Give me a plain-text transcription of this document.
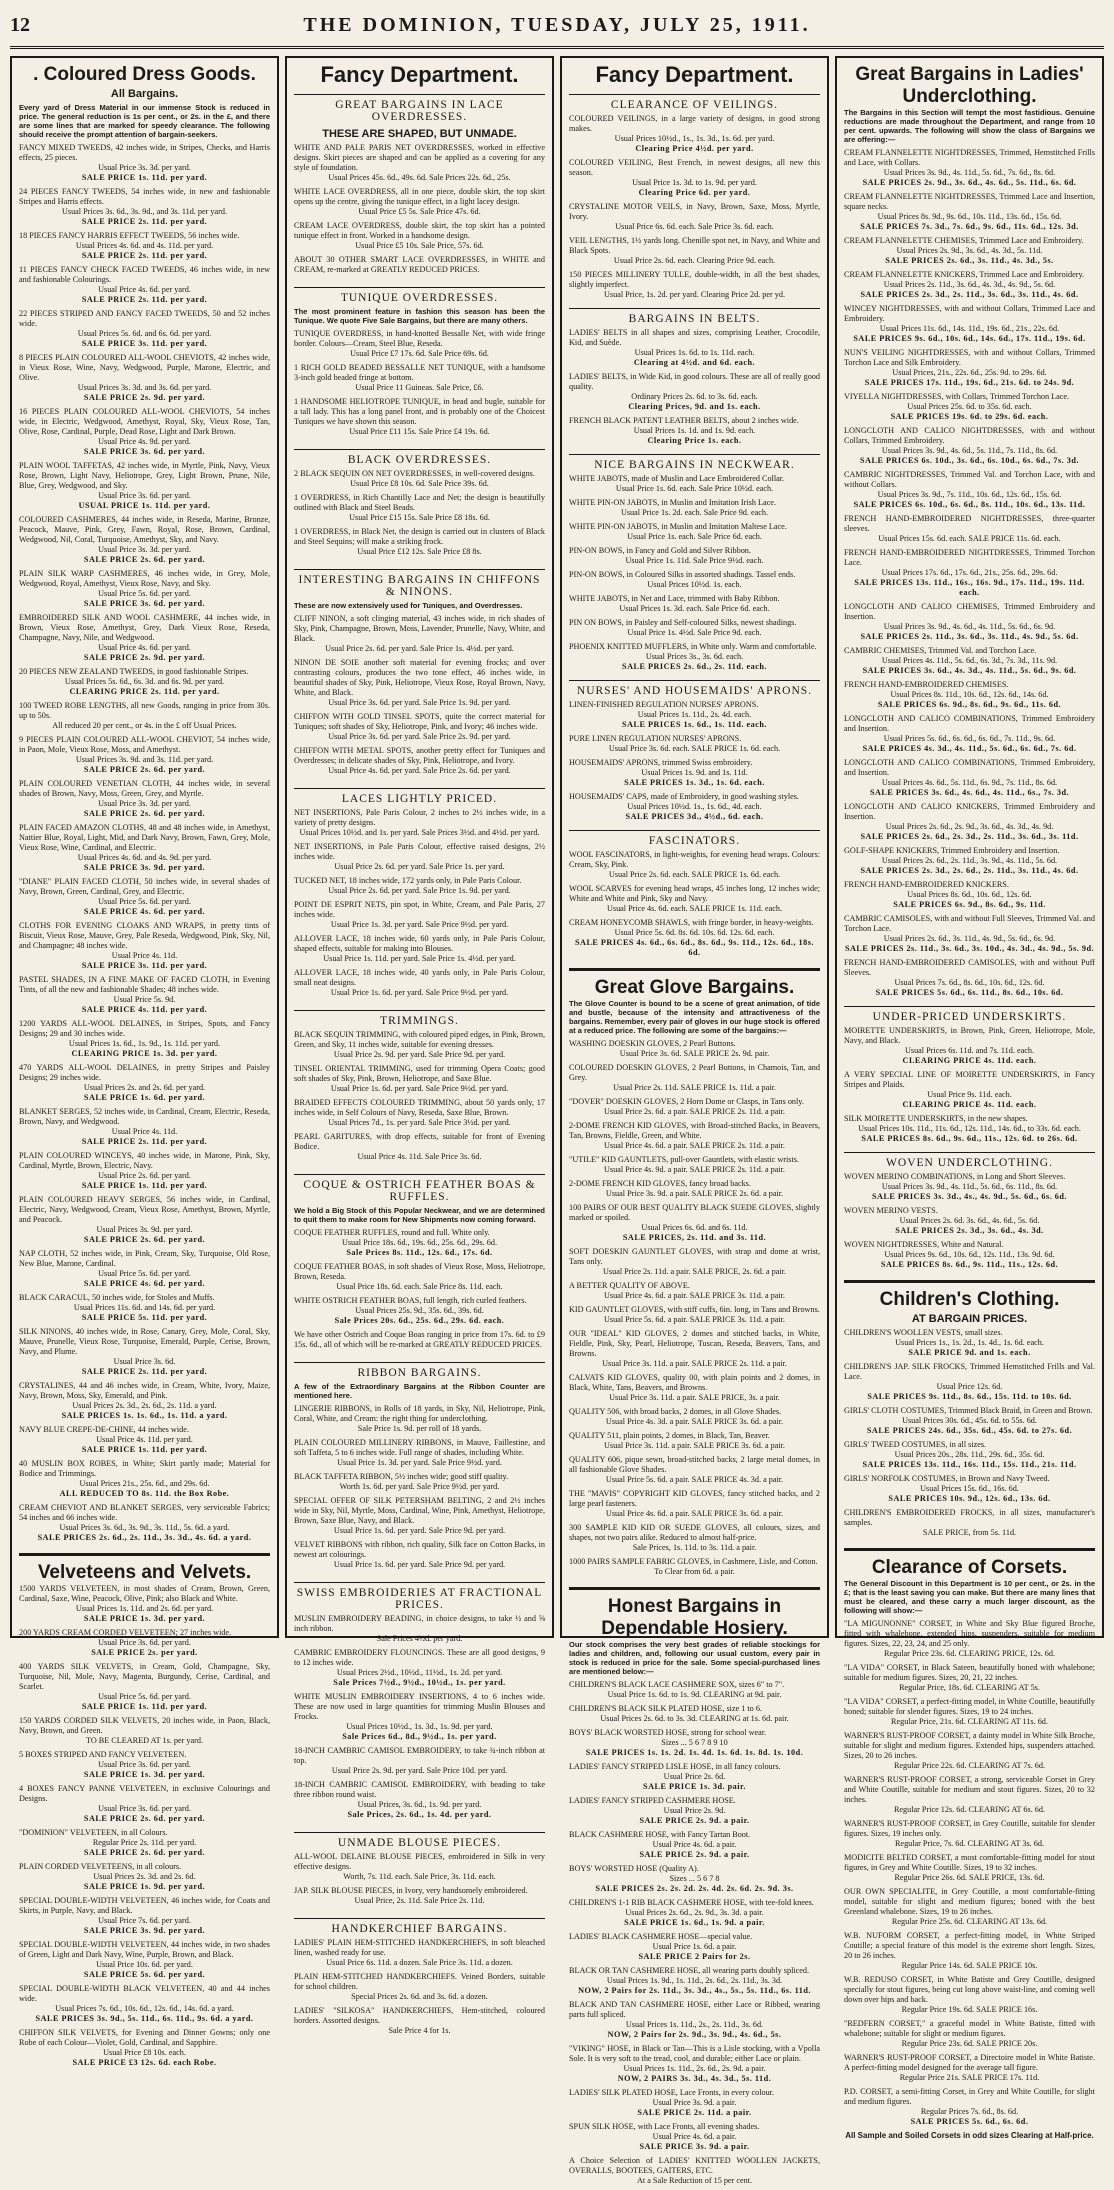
12	THE DOMINION, TUESDAY, JULY 25, 1911.
. Coloured Dress Goods.
All Bargains.
Every yard of Dress Material in our immense Stock is reduced in price. The general reduction is 1s per cent., or 2s. in the £, and there are some lines that are marked for speedy clearance. The following should receive the prompt attention of bargain-seekers.
FANCY MIXED TWEEDS, 42 inches wide, in Stripes, Checks, and Harris effects, 25 pieces.
Usual Price 3s. 3d. per yard.
SALE PRICE 1s. 11d. per yard.
24 PIECES FANCY TWEEDS, 54 inches wide, in new and fashionable Stripes and Harris effects.
Usual Prices 3s. 6d., 3s. 9d., and 3s. 11d. per yard.
SALE PRICE 2s. 11d. per yard.
18 PIECES FANCY HARRIS EFFECT TWEEDS, 56 inches wide.
Usual Prices 4s. 6d. and 4s. 11d. per yard.
SALE PRICE 2s. 11d. per yard.
11 PIECES FANCY CHECK FACED TWEEDS, 46 inches wide, in new and fashionable Colourings.
Usual Price 4s. 6d. per yard.
SALE PRICE 2s. 11d. per yard.
22 PIECES STRIPED AND FANCY FACED TWEEDS, 50 and 52 inches wide.
Usual Prices 5s. 6d. and 6s. 6d. per yard.
SALE PRICE 3s. 11d. per yard.
8 PIECES PLAIN COLOURED ALL-WOOL CHEVIOTS, 42 inches wide, in Vieux Rose, Wine, Navy, Wedgwood, Purple, Marone, Electric, and Olive.
Usual Prices 3s. 3d. and 3s. 6d. per yard.
SALE PRICE 2s. 9d. per yard.
16 PIECES PLAIN COLOURED ALL-WOOL CHEVIOTS, 54 inches wide, in Electric, Wedgwood, Amethyst, Royal, Sky, Vieux Rose, Tan, Olive, Rose, Cardinal, Purple, Dead Rose, Light and Dark Brown.
Usual Price 4s. 9d. per yard.
SALE PRICE 3s. 6d. per yard.
PLAIN WOOL TAFFETAS, 42 inches wide, in Myrtle, Pink, Navy, Vieux Rose, Brown, Light Navy, Heliotrope, Grey, Light Brown, Prune, Nile, Blue, Grey, Wedgwood, and Sky.
Usual Price 3s. 6d. per yard.
USUAL PRICE 1s. 11d. per yard.
COLOURED CASHMERES, 44 inches wide, in Reseda, Marine, Bronze, Peacock, Mauve, Pink, Grey, Fawn, Royal, Rose, Brown, Cardinal, Wedgwood, Nil, Coral, Turquoise, Amethyst, Sky, and Navy.
Usual Price 3s. 3d. per yard.
SALE PRICE 2s. 6d. per yard.
PLAIN SILK WARP CASHMERES, 46 inches wide, in Grey, Mole, Wedgwood, Royal, Amethyst, Vieux Rose, Navy, and Sky.
Usual Price 5s. 6d. per yard.
SALE PRICE 3s. 6d. per yard.
EMBROIDERED SILK AND WOOL CASHMERE, 44 inches wide, in Brown, Vieux Rose, Amethyst, Grey, Dark Vieux Rose, Reseda, Champagne, Navy, Nile, and Wedgwood.
Usual Price 4s. 6d. per yard.
SALE PRICE 2s. 9d. per yard.
20 PIECES NEW ZEALAND TWEEDS, in good fashionable Stripes.
Usual Prices 5s. 6d., 6s. 3d. and 6s. 9d. per yard.
CLEARING PRICE 2s. 11d. per yard.
100 TWEED ROBE LENGTHS, all new Goods, ranging in price from 30s. up to 50s.
All reduced 20 per cent., or 4s. in the £ off Usual Prices.
9 PIECES PLAIN COLOURED ALL-WOOL CHEVIOT, 54 inches wide, in Paon, Mole, Vieux Rose, Moss, and Amethyst.
Usual Prices 3s. 9d. and 3s. 11d. per yard.
SALE PRICE 2s. 6d. per yard.
PLAIN COLOURED VENETIAN CLOTH, 44 inches wide, in several shades of Brown, Navy, Moss, Green, Grey, and Myrtle.
Usual Price 3s. 3d. per yard.
SALE PRICE 2s. 6d. per yard.
PLAIN FACED AMAZON CLOTHS, 48 and 48 inches wide, in Amethyst, Nattier Blue, Royal, Light, Mid, and Dark Navy, Brown, Fawn, Grey, Mole, Vieux Rose, Wine, Cardinal, and Electric.
Usual Prices 4s. 6d. and 4s. 9d. per yard.
SALE PRICE 3s. 9d. per yard.
"DIANE" PLAIN FACED CLOTH, 50 inches wide, in several shades of Navy, Brown, Green, Cardinal, Grey, and Electric.
Usual Price 5s. 6d. per yard.
SALE PRICE 4s. 6d. per yard.
CLOTHS FOR EVENING CLOAKS AND WRAPS, in pretty tints of Biscuit, Vieux Rose, Mauve, Grey, Pale Reseda, Wedgwood, Pink, Sky, Nil, and Champagne; 48 inches wide.
Usual Price 4s. 11d.
SALE PRICE 3s. 11d. per yard.
PASTEL SHADES, IN A FINE MAKE OF FACED CLOTH, in Evening Tints, of all the new and fashionable Shades; 48 inches wide.
Usual Price 5s. 9d.
SALE PRICE 4s. 11d. per yard.
1200 YARDS ALL-WOOL DELAINES, in Stripes, Spots, and Fancy Designs; 29 and 30 inches wide.
Usual Prices 1s. 6d., 1s. 9d., 1s. 11d. per yard.
CLEARING PRICE 1s. 3d. per yard.
470 YARDS ALL-WOOL DELAINES, in pretty Stripes and Paisley Designs; 29 inches wide.
Usual Prices 2s. and 2s. 6d. per yard.
SALE PRICE 1s. 6d. per yard.
BLANKET SERGES, 52 inches wide, in Cardinal, Cream, Electric, Reseda, Brown, Navy, and Wedgwood.
Usual Price 4s. 11d.
SALE PRICE 2s. 11d. per yard.
PLAIN COLOURED WINCEYS, 40 inches wide, in Marone, Pink, Sky, Cardinal, Myrtle, Brown, Electric, Navy.
Usual Price 2s. 6d. per yard.
SALE PRICE 1s. 11d. per yard.
PLAIN COLOURED HEAVY SERGES, 56 inches wide, in Cardinal, Electric, Navy, Wedgwood, Cream, Vieux Rose, Amethyst, Brown, Myrtle, and Peacock.
Usual Prices 3s. 9d. per yard.
SALE PRICE 2s. 6d. per yard.
NAP CLOTH, 52 inches wide, in Pink, Cream, Sky, Turquoise, Old Rose, New Blue, Marone, Cardinal.
Usual Price 5s. 6d. per yard.
SALE PRICE 4s. 6d. per yard.
BLACK CARACUL, 50 inches wide, for Stoles and Muffs.
Usual Prices 11s. 6d. and 14s. 6d. per yard.
SALE PRICE 5s. 11d. per yard.
SILK NINONS, 40 inches wide, in Rose, Canary, Grey, Mole, Coral, Sky, Mauve, Prunelle, Vieux Rose, Turquoise, Emerald, Purple, Cerise, Brown, Navy, and Plume.
Usual Price 3s. 6d.
SALE PRICE 2s. 11d. per yard.
CRYSTALINES, 44 and 46 inches wide, in Cream, White, Ivory, Maize, Navy, Brown, Moss, Sky, Emerald, and Pink.
Usual Prices 2s. 3d., 2s. 6d., 2s. 11d. a yard.
SALE PRICES 1s. 1s. 6d., 1s. 11d. a yard.
NAVY BLUE CREPE-DE-CHINE, 44 inches wide.
Usual Price 4s. 11d. per yard.
SALE PRICE 1s. 11d. per yard.
40 MUSLIN BOX ROBES, in White; Skirt partly made; Material for Bodice and Trimmings.
Usual Prices 21s., 25s. 6d., and 29s. 6d.
ALL REDUCED TO 8s. 11d. the Box Robe.
CREAM CHEVIOT AND BLANKET SERGES, very serviceable Fabrics; 54 inches and 66 inches wide.
Usual Prices 3s. 6d., 3s. 9d., 3s. 11d., 5s. 6d. a yard.
SALE PRICES 2s. 6d., 2s. 11d., 3s. 3d., 4s. 6d. a yard.
Velveteens and Velvets.
1500 YARDS VELVETEEN, in most shades of Cream, Brown, Green, Cardinal, Saxe, Wine, Peacock, Olive, Pink; also Black and White.
Usual Prices 1s. 11d. and 2s. 6d. per yard.
SALE PRICE 1s. 3d. per yard.
200 YARDS CREAM CORDED VELVETEEN; 27 inches wide.
Usual Price 3s. 6d. per yard.
SALE PRICE 2s. per yard.
400 YARDS SILK VELVETS, in Cream, Gold, Champagne, Sky, Turquoise, Nil, Mole, Navy, Magenta, Burgundy, Cerise, Cardinal, and Scarlet.
Usual Price 5s. 6d. per yard.
SALE PRICE 1s. 11d. per yard.
150 YARDS CORDED SILK VELVETS, 20 inches wide, in Paon, Black, Navy, Brown, and Green.
TO BE CLEARED AT 1s. per yard.
5 BOXES STRIPED AND FANCY VELVETEEN.
Usual Price 3s. 6d. per yard.
SALE PRICE 1s. 3d. per yard.
4 BOXES FANCY PANNE VELVETEEN, in exclusive Colourings and Designs.
Usual Price 3s. 6d. per yard.
SALE PRICE 2s. 6d. per yard.
"DOMINION" VELVETEEN, in all Colours.
Regular Price 2s. 11d. per yard.
SALE PRICE 2s. 6d. per yard.
PLAIN CORDED VELVETEENS, in all colours.
Usual Prices 2s. 3d. and 2s. 6d.
SALE PRICE 1s. 9d. per yard.
SPECIAL DOUBLE-WIDTH VELVETEEN, 46 inches wide, for Coats and Skirts, in Purple, Navy, and Black.
Usual Price 7s. 6d. per yard.
SALE PRICE 3s. 9d. per yard.
SPECIAL DOUBLE-WIDTH VELVETEEN, 44 inches wide, in two shades of Green, Light and Dark Navy, Wine, Purple, Brown, and Black.
Usual Price 10s. 6d. per yard.
SALE PRICE 5s. 6d. per yard.
SPECIAL DOUBLE-WIDTH BLACK VELVETEEN, 40 and 44 inches wide.
Usual Prices 7s. 6d., 10s. 6d., 12s. 6d., 14s. 6d. a yard.
SALE PRICES 3s. 9d., 5s. 11d., 6s. 11d., 9s. 6d. a yard.
CHIFFON SILK VELVETS, for Evening and Dinner Gowns; only one Robe of each Colour—Violet, Gold, Cardinal, and Sapphire.
Usual Price £8 10s. each.
SALE PRICE £3 12s. 6d. each Robe.
Fancy Department.
GREAT BARGAINS IN LACE OVERDRESSES.
THESE ARE SHAPED, BUT UNMADE.
WHITE AND PALE PARIS NET OVERDRESSES, worked in effective designs. Skirt pieces are shaped and can be applied as a covering for any style of foundation.
Usual Prices 45s. 6d., 49s. 6d. Sale Prices 22s. 6d., 25s.
WHITE LACE OVERDRESS, all in one piece, double skirt, the top skirt opens up the centre, giving the tunique effect, in a light lacey design.
Usual Price £5 5s. Sale Price 47s. 6d.
CREAM LACE OVERDRESS, double skirt, the top skirt has a pointed tunique effect in front. Worked in a handsome design.
Usual Price £5 10s. Sale Price, 57s. 6d.
ABOUT 30 OTHER SMART LACE OVERDRESSES, in WHITE and CREAM, re-marked at GREATLY REDUCED PRICES.
TUNIQUE OVERDRESSES.
The most prominent feature in fashion this season has been the Tunique. We quote Five Sale Bargains, but there are many others.
TUNIQUE OVERDRESS, in hand-knotted Bessalle Net, with wide fringe border. Colours—Cream, Steel Blue, Reseda.
Usual Price £7 17s. 6d. Sale Price 69s. 6d.
1 RICH GOLD BEADED BESSALLE NET TUNIQUE, with a handsome 3-inch gold beaded fringe at bottom.
Usual Price 11 Guineas. Sale Price, £6.
1 HANDSOME HELIOTROPE TUNIQUE, in bead and bugle, suitable for a tall lady. This has a long panel front, and is probably one of the Choicest Tuniques we have shown this season.
Usual Price £11 15s. Sale Price £4 19s. 6d.
BLACK OVERDRESSES.
2 BLACK SEQUIN ON NET OVERDRESSES, in well-covered designs.
Usual Price £8 10s. 6d. Sale Price 39s. 6d.
1 OVERDRESS, in Rich Chantilly Lace and Net; the design is beautifully outlined with Black and Steel Beads.
Usual Price £15 15s. Sale Price £8 18s. 6d.
1 OVERDRESS, in Black Net, the design is carried out in clusters of Black and Steel Sequins; will make a striking frock.
Usual Price £12 12s. Sale Price £8 8s.
INTERESTING BARGAINS IN CHIFFONS & NINONS.
These are now extensively used for Tuniques, and Overdresses.
CLIFF NINON, a soft clinging material, 43 inches wide, in rich shades of Sky, Pink, Champagne, Brown, Moss, Lavender, Prunelle, Navy, White, and Black.
Usual Price 2s. 6d. per yard. Sale Price 1s. 4½d. per yard.
NINON DE SOIE another soft material for evening frocks; and over contrasting colours, produces the two tone effect, 46 inches wide, in beautiful shades of Sky, Pink, Heliotrope, Vieux Rose, Royal Brown, Navy, White, and Black.
Usual Price 3s. 6d. per yard. Sale Price 1s. 9d. per yard.
CHIFFON WITH GOLD TINSEL SPOTS, quite the correct material for Tuniques; soft shades of Sky, Heliotrope, Pink, and Ivory; 46 inches wide.
Usual Price 3s. 6d. per yard. Sale Price 2s. 9d. per yard.
CHIFFON WITH METAL SPOTS, another pretty effect for Tuniques and Overdresses; in delicate shades of Sky, Pink, Heliotrope, and Ivory.
Usual Price 4s. 6d. per yard. Sale Price 2s. 6d. per yard.
LACES LIGHTLY PRICED.
NET INSERTIONS, Pale Paris Colour, 2 inches to 2½ inches wide, in a variety of pretty designs.
Usual Prices 10½d. and 1s. per yard. Sale Prices 3½d. and 4½d. per yard.
NET INSERTIONS, in Pale Paris Colour, effective raised designs, 2½ inches wide.
Usual Price 2s. 6d. per yard. Sale Price 1s. per yard.
TUCKED NET, 18 inches wide, 172 yards only, in Pale Paris Colour.
Usual Price 2s. 6d. per yard. Sale Price 1s. 9d. per yard.
POINT DE ESPRIT NETS, pin spot, in White, Cream, and Pale Paris, 27 inches wide.
Usual Price 1s. 3d. per yard. Sale Price 9½d. per yard.
ALLOVER LACE, 18 inches wide, 60 yards only, in Pale Paris Colour, shaped effects, suitable for making into Blouses.
Usual Price 1s. 11d. per yard. Sale Price 1s. 4½d. per yard.
ALLOVER LACE, 18 inches wide, 40 yards only, in Pale Paris Colour, small neat designs.
Usual Price 1s. 6d. per yard. Sale Price 9½d. per yard.
TRIMMINGS.
BLACK SEQUIN TRIMMING, with coloured piped edges, in Pink, Brown, Green, and Sky, 11 inches wide, suitable for evening dresses.
Usual Price 2s. 9d. per yard. Sale Price 9d. per yard.
TINSEL ORIENTAL TRIMMING, used for trimming Opera Coats; good soft shades of Sky, Pink, Brown, Heliotrope, and Saxe Blue.
Usual Price 1s. 6d. per yard. Sale Price 9½d. per yard.
BRAIDED EFFECTS COLOURED TRIMMING, about 50 yards only, 17 inches wide, in Self Colours of Navy, Reseda, Saxe Blue, Brown.
Usual Prices 7d., 1s. per yard. Sale Price 3½d. per yard.
PEARL GARITURES, with drop effects, suitable for front of Evening Bodice.
Usual Price 4s. 11d. Sale Price 3s. 6d.
COQUE & OSTRICH FEATHER BOAS & RUFFLES.
We hold a Big Stock of this Popular Neckwear, and we are determined to quit them to make room for New Shipments now coming forward.
COQUE FEATHER RUFFLES, round and full. White only.
Usual Price 18s. 6d., 19s. 6d., 25s. 6d., 29s. 6d.
Sale Prices 8s. 11d., 12s. 6d., 17s. 6d.
COQUE FEATHER BOAS, in soft shades of Vieux Rose, Moss, Heliotrope, Brown, Reseda.
Usual Price 18s. 6d. each. Sale Price 8s. 11d. each.
WHITE OSTRICH FEATHER BOAS, full length, rich curled feathers.
Usual Prices 25s. 9d., 35s. 6d., 39s. 6d.
Sale Prices 20s. 6d., 25s. 6d., 29s. 6d. each.
We have other Ostrich and Coque Boas ranging in price from 17s. 6d. to £9 15s. 6d., all of which will be re-marked at GREATLY REDUCED PRICES.
RIBBON BARGAINS.
A few of the Extraordinary Bargains at the Ribbon Counter are mentioned here.
LINGERIE RIBBONS, in Rolls of 18 yards, in Sky, Nil, Heliotrope, Pink, Coral, White, and Cream: the right thing for underclothing.
Sale Price 1s. 9d. per roll of 18 yards.
PLAIN COLOURED MILLINERY RIBBONS, in Mauve, Faillestine, and soft Taffeta, 5 to 6 inches wide. Full range of shades, including White.
Usual Price 1s. 3d. per yard. Sale Price 9½d. yard.
BLACK TAFFETA RIBBON, 5½ inches wide; good stiff quality.
Worth 1s. 6d. per yard. Sale Price 9½d. per yard.
SPECIAL OFFER OF SILK PETERSHAM BELTING, 2 and 2½ inches wide in Sky, Nil, Myrtle, Moss, Cardinal, Wine, Pink, Amethyst, Heliotrope, Brown, Saxe Blue, Navy, and Black.
Usual Price 1s. 6d. per yard. Sale Price 9d. per yard.
VELVET RIBBONS with ribbon, rich quality, Silk face on Cotton Backs, in newest art colourings.
Usual Price 1s. 6d. per yard. Sale Price 9d. per yard.
SWISS EMBROIDERIES AT FRACTIONAL PRICES.
MUSLIN EMBROIDERY BEADING, in choice designs, to take ½ and ⅝ inch ribbon.
Sale Prices 4½d. per yard.
CAMBRIC EMBROIDERY FLOUNCINGS. These are all good designs, 9 to 12 inches wide.
Usual Prices 2½d., 10½d., 11½d., 1s. 2d. per yard.
Sale Prices 7½d., 9½d., 10½d., 1s. per yard.
WHITE MUSLIN EMBROIDERY INSERTIONS, 4 to 6 inches wide. These are now used in large quantities for trimming Muslin Blouses and Frocks.
Usual Prices 10½d., 1s. 3d., 1s. 9d. per yard.
Sale Prices 6d., 8d., 9½d., 1s. per yard.
18-INCH CAMBRIC CAMISOL EMBROIDERY, to take ¾-inch ribbon at top.
Usual Price 2s. 9d. per yard. Sale Price 10d. per yard.
18-INCH CAMBRIC CAMISOL EMBROIDERY, with beading to take three ribbon round waist.
Usual Prices, 3s. 6d., 1s. 9d. per yard.
Sale Prices, 2s. 6d., 1s. 4d. per yard.
UNMADE BLOUSE PIECES.
ALL-WOOL DELAINE BLOUSE PIECES, embroidered in Silk in very effective designs.
Worth, 7s. 11d. each. Sale Price, 3s. 11d. each.
JAP. SILK BLOUSE PIECES, in Ivory, very handsomely embroidered.
Usual Price, 2s. 11d. Sale Price 2s. 11d.
HANDKERCHIEF BARGAINS.
LADIES' PLAIN HEM-STITCHED HANDKERCHIEFS, in soft bleached linen, washed ready for use.
Usual Price 6s. 11d. a dozen. Sale Price 3s. 11d. a dozen.
PLAIN HEM-STITCHED HANDKERCHIEFS. Veined Borders, suitable for school children.
Special Prices 2s. 6d. and 3s. 6d. a dozen.
LADIES' "SILKOSA" HANDKERCHIEFS, Hem-stitched, coloured borders. Assorted designs.
Sale Price 4 for 1s.
Fancy Department.
CLEARANCE OF VEILINGS.
COLOURED VEILINGS, in a large variety of designs, in good strong makes.
Usual Prices 10½d., 1s., 1s. 3d., 1s. 6d. per yard.
Clearing Price 4½d. per yard.
COLOURED VEILING, Best French, in newest designs, all new this season.
Usual Price 1s. 3d. to 1s. 9d. per yard.
Clearing Price 6d. per yard.
CRYSTALINE MOTOR VEILS, in Navy, Brown, Saxe, Moss, Myrtle, Ivory.
Usual Price 6s. 6d. each. Sale Price 3s. 6d. each.
VEIL LENGTHS, 1½ yards long. Chenille spot net, in Navy, and White and Black Spots.
Usual Price 2s. 6d. each. Clearing Price 9d. each.
150 PIECES MILLINERY TULLE, double-width, in all the best shades, slightly imperfect.
Usual Price, 1s. 2d. per yard. Clearing Price 2d. per yd.
BARGAINS IN BELTS.
LADIES' BELTS in all shapes and sizes, comprising Leather, Crocodile, Kid, and Suède.
Usual Prices 1s. 6d. to 1s. 11d. each.
Clearing at 4½d. and 6d. each.
LADIES' BELTS, in Wide Kid, in good colours. These are all of really good quality.
Ordinary Prices 2s. 6d. to 3s. 6d. each.
Clearing Prices, 9d. and 1s. each.
FRENCH BLACK PATENT LEATHER BELTS, about 2 inches wide.
Usual Prices 1s. 1d. and 1s. 9d. each.
Clearing Price 1s. each.
NICE BARGAINS IN NECKWEAR.
WHITE JABOTS, made of Muslin and Lace Embroidered Collar.
Usual Price 1s. 6d. each. Sale Price 10½d. each.
WHITE PIN-ON JABOTS, in Muslin and Imitation Irish Lace.
Usual Price 1s. 2d. each. Sale Price 9d. each.
WHITE PIN-ON JABOTS, in Muslin and Imitation Maltese Lace.
Usual Price 1s. each. Sale Price 6d. each.
PIN-ON BOWS, in Fancy and Gold and Silver Ribbon.
Usual Price 1s. 11d. Sale Price 9½d. each.
PIN-ON BOWS, in Coloured Silks in assorted shadings. Tassel ends.
Usual Prices 10½d. 1s. each.
WHITE JABOTS, in Net and Lace, trimmed with Baby Ribbon.
Usual Prices 1s. 3d. each. Sale Price 6d. each.
PIN ON BOWS, in Paisley and Self-coloured Silks, newest shadings.
Usual Price 1s. 4½d. Sale Price 9d. each.
PHOENIX KNITTED MUFFLERS, in White only. Warm and comfortable.
Usual Prices 3s., 3s. 6d. each.
SALE PRICES 2s. 6d., 2s. 11d. each.
NURSES' AND HOUSEMAIDS' APRONS.
LINEN-FINISHED REGULATION NURSES' APRONS.
Usual Prices 1s. 11d., 2s. 4d. each.
SALE PRICES 1s. 6d., 1s. 11d. each.
PURE LINEN REGULATION NURSES' APRONS.
Usual Price 3s. 6d. each. SALE PRICE 1s. 6d. each.
HOUSEMAIDS' APRONS, trimmed Swiss embroidery.
Usual Prices 1s. 9d. and 1s. 11d.
SALE PRICES 1s. 3d., 1s. 6d. each.
HOUSEMAIDS' CAPS, made of Embroidery, in good washing styles.
Usual Prices 10½d. 1s., 1s. 6d., 4d. each.
SALE PRICES 3d., 4½d., 6d. each.
FASCINATORS.
WOOL FASCINATORS, in light-weights, for evening head wraps. Colours: Cream, Sky, Pink.
Usual Price 2s. 6d. each. SALE PRICE 1s. 6d. each.
WOOL SCARVES for evening head wraps, 45 inches long, 12 inches wide; White and White and Pink, Sky and Navy.
Usual Price 4s. 6d. each. SALE PRICE 1s. 11d. each.
CREAM HONEYCOMB SHAWLS, with fringe border, in heavy-weights.
Usual Price 5s. 6d. 8s. 6d. 10s. 6d. 12s. 6d. each.
SALE PRICES 4s. 6d., 6s. 6d., 8s. 6d., 9s. 11d., 12s. 6d., 18s. 6d.
Great Glove Bargains.
The Glove Counter is bound to be a scene of great animation, of tide and bustle, because of the intensity and attractiveness of the bargains. Remember, every pair of gloves in our huge stock is offered at a reduced price. The following are some of the bargains:—
WASHING DOESKIN GLOVES, 2 Pearl Buttons.
Usual Price 3s. 6d. SALE PRICE 2s. 9d. pair.
COLOURED DOESKIN GLOVES, 2 Pearl Buttons, in Chamois, Tan, and Grey.
Usual Price 2s. 11d. SALE PRICE 1s. 11d. a pair.
"DOVER" DOESKIN GLOVES, 2 Horn Dome or Clasps, in Tans only.
Usual Price 2s. 6d. a pair. SALE PRICE 2s. 11d. a pair.
2-DOME FRENCH KID GLOVES, with Broad-stitched Backs, in Beavers, Tan, Browns, Fieldle, Green, and White.
Usual Price 4s. 6d. a pair. SALE PRICE 2s. 11d. a pair.
"UTILE" KID GAUNTLETS, pull-over Gauntlets, with elastic wrists.
Usual Price 4s. 9d. a pair. SALE PRICE 2s. 11d. a pair.
2-DOME FRENCH KID GLOVES, fancy broad backs.
Usual Price 3s. 9d. a pair. SALE PRICE 2s. 6d. a pair.
100 PAIRS OF OUR BEST QUALITY BLACK SUEDE GLOVES, slightly marked or spoiled.
Usual Prices 6s. 6d. and 6s. 11d.
SALE PRICES, 2s. 11d. and 3s. 11d.
SOFT DOESKIN GAUNTLET GLOVES, with strap and dome at wrist, Tans only.
Usual Price 2s. 11d. a pair. SALE PRICE, 2s. 6d. a pair.
A BETTER QUALITY OF ABOVE.
Usual Price 4s. 6d. a pair. SALE PRICE 3s. 11d. a pair.
KID GAUNTLET GLOVES, with stiff cuffs, 6in. long, in Tans and Browns.
Usual Price 5s. 6d. a pair. SALE PRICE 3s. 11d. a pair.
OUR "IDEAL" KID GLOVES, 2 domes and stitched backs, in White, Fieldle, Pink, Sky, Pearl, Heliotrope, Tuscan, Reseda, Beavers, Tans, and Browns.
Usual Price 3s. 11d. a pair. SALE PRICE 2s. 11d. a pair.
CALVATS KID GLOVES, quality 00, with plain points and 2 domes, in Black, White, Tans, Beavers, and Browns.
Usual Price 3s. 11d. a pair. SALE PRICE, 3s. a pair.
QUALITY 506, with broad backs, 2 domes, in all Glove Shades.
Usual Price 4s. 3d. a pair. SALE PRICE 3s. 6d. a pair.
QUALITY 511, plain points, 2 domes, in Black, Tan, Beaver.
Usual Price 3s. 11d. a pair. SALE PRICE 3s. 6d. a pair.
QUALITY 606, pique sewn, broad-stitched backs, 2 large metal domes, in all fashionable Glove Shades.
Usual Price 5s. 6d. a pair. SALE PRICE 4s. 3d. a pair.
THE "MAVIS" COPYRIGHT KID GLOVES, fancy stitched backs, and 2 large pearl fasteners.
Usual Price 4s. 6d. a pair. SALE PRICE 3s. 6d. a pair.
300 SAMPLE KID KID OR SUEDE GLOVES, all colours, sizes, and shapes, not two pairs alike. Reduced to almost half-price.
Sale Prices, 1s. 11d. to 3s. 11d. a pair.
1000 PAIRS SAMPLE FABRIC GLOVES, in Cashmere, Lisle, and Cotton.
To Clear from 6d. a pair.
Honest Bargains in Dependable Hosiery.
Our stock comprises the very best grades of reliable stockings for ladies and children, and, following our usual custom, every pair in stock is reduced in price for the sale. Some special-purchased lines are mentioned below:—
CHILDREN'S BLACK LACE CASHMERE SOX, sizes 6" to 7".
Usual Price 1s. 6d. to 1s. 9d. CLEARING at 9d. pair.
CHILDREN'S BLACK SILK PLATED HOSE, size 1 to 6.
Usual Prices 2s. 6d. to 3s. 3d. CLEARING at 1s. 6d. pair.
BOYS' BLACK WORSTED HOSE, strong for school wear.
Sizes ... 5 6 7 8 9 10
SALE PRICES 1s. 1s. 2d. 1s. 4d. 1s. 6d. 1s. 8d. 1s. 10d.
LADIES' FANCY STRIPED LISLE HOSE, in all fancy colours.
Usual Price 2s. 6d.
SALE PRICE 1s. 3d. pair.
LADIES' FANCY STRIPED CASHMERE HOSE.
Usual Price 2s. 9d.
SALE PRICE 2s. 9d. a pair.
BLACK CASHMERE HOSE, with Fancy Tartan Boot.
Usual Price 4s. 6d. a pair.
SALE PRICE 2s. 9d. a pair.
BOYS' WORSTED HOSE (Quality A).
Sizes ... 5 6 7 8
SALE PRICES 2s. 2s. 2d. 2s. 4d. 2s. 6d. 2s. 9d. 3s.
CHILDREN'S 1-1 RIB BLACK CASHMERE HOSE, with tee-fold knees.
Usual Prices 2s. 6d., 2s. 9d., 3s. 3d. a pair.
SALE PRICE 1s. 6d., 1s. 9d. a pair.
LADIES' BLACK CASHMERE HOSE—special value.
Usual Price 1s. 6d. a pair.
SALE PRICE 2 Pairs for 2s.
BLACK OR TAN CASHMERE HOSE, all wearing parts doubly spliced.
Usual Prices 1s. 9d., 1s. 11d., 2s. 6d., 2s. 11d., 3s. 3d.
NOW, 2 Pairs for 2s. 11d., 3s. 3d., 4s., 5s., 5s. 11d., 6s. 11d.
BLACK AND TAN CASHMERE HOSE, either Lace or Ribbed, wearing parts full spliced.
Usual Prices 1s. 11d., 2s., 2s. 11d., 3s. 6d.
NOW, 2 Pairs for 2s. 9d., 3s. 9d., 4s. 6d., 5s.
"VIKING" HOSE, in Black or Tan—This is a Lisle stocking, with a Vpolla Sole. It is very soft to the tread, cool, and durable; either Lace or plain.
Usual Prices 1s. 11d., 2s. 6d., 2s. 9d. a pair.
NOW, 2 PAIRS 3s. 3d., 4s. 3d., 5s. 11d.
LADIES' SILK PLATED HOSE, Lace Fronts, in every colour.
Usual Price 3s. 9d. a pair.
SALE PRICE 2s. 11d. a pair.
SPUN SILK HOSE, with Lace Fronts, all evening shades.
Usual Price 4s. 6d. a pair.
SALE PRICE 3s. 9d. a pair.
A Choice Selection of LADIES' KNITTED WOOLLEN JACKETS, OVERALLS, BOOTEES, GAITERS, ETC.
At a Sale Reduction of 15 per cent.
Great Bargains in Ladies' Underclothing.
The Bargains in this Section will tempt the most fastidious. Genuine reductions are made throughout the Department, and range from 10 per cent. upwards. The following will show the class of Bargains we are offering:—
CREAM FLANNELETTE NIGHTDRESSES, Trimmed, Hemstitched Frills and Lace, with Collars.
Usual Prices 3s. 9d., 4s. 11d., 5s. 6d., 7s. 6d., 8s. 6d.
SALE PRICES 2s. 9d., 3s. 6d., 4s. 6d., 5s. 11d., 6s. 6d.
CREAM FLANNELETTE NIGHTDRESSES, Trimmed Lace and Insertion, square necks.
Usual Prices 8s. 9d., 9s. 6d., 10s. 11d., 13s. 6d., 15s. 6d.
SALE PRICES 7s. 3d., 7s. 6d., 9s. 6d., 11s. 6d., 12s. 3d.
CREAM FLANNELETTE CHEMISES, Trimmed Lace and Embroidery.
Usual Prices 2s. 9d., 3s. 6d., 4s. 3d., 5s. 11d.
SALE PRICES 2s. 6d., 3s. 11d., 4s. 3d., 5s.
CREAM FLANNELETTE KNICKERS, Trimmed Lace and Embroidery.
Usual Prices 2s. 11d., 3s. 6d., 4s. 3d., 4s. 9d., 5s. 6d.
SALE PRICES 2s. 3d., 2s. 11d., 3s. 6d., 3s. 11d., 4s. 6d.
WINCEY NIGHTDRESSES, with and without Collars, Trimmed Lace and Embroidery.
Usual Prices 11s. 6d., 14s. 11d., 19s. 6d., 21s., 22s. 6d.
SALE PRICES 9s. 6d., 10s. 6d., 14s. 6d., 17s. 11d., 19s. 6d.
NUN'S VEILING NIGHTDRESSES, with and without Collars, Trimmed Torchon Lace and Silk Embroidery.
Usual Prices, 21s., 22s. 6d., 25s. 9d. to 29s. 6d.
SALE PRICES 17s. 11d., 19s. 6d., 21s. 6d. to 24s. 9d.
VIYELLA NIGHTDRESSES, with Collars, Trimmed Torchon Lace.
Usual Prices 25s. 6d. to 35s. 6d. each.
SALE PRICES 19s. 6d. to 29s. 6d. each.
LONGCLOTH AND CALICO NIGHTDRESSES, with and without Collars, Trimmed Embroidery.
Usual Prices 3s. 9d., 4s. 6d., 5s. 11d., 7s. 11d., 8s. 6d.
SALE PRICES 6s. 10d., 3s. 6d., 6s. 10d., 6s. 6d., 7s. 3d.
CAMBRIC NIGHTDRESSES, Trimmed Val. and Torchon Lace, with and without Collars.
Usual Prices 3s. 9d., 7s. 11d., 10s. 6d., 12s. 6d., 15s. 6d.
SALE PRICES 6s. 10d., 6s. 6d., 8s. 11d., 10s. 6d., 13s. 11d.
FRENCH HAND-EMBROIDERED NIGHTDRESSES, three-quarter sleeves.
Usual Prices 15s. 6d. each. SALE PRICE 11s. 6d. each.
FRENCH HAND-EMBROIDERED NIGHTDRESSES, Trimmed Torchon Lace.
Usual Prices 17s. 6d., 17s. 6d., 21s., 25s. 6d., 29s. 6d.
SALE PRICES 13s. 11d., 16s., 16s. 9d., 17s. 11d., 19s. 11d. each.
LONGCLOTH AND CALICO CHEMISES, Trimmed Embroidery and Insertion.
Usual Prices 3s. 9d., 4s. 6d., 4s. 11d., 5s. 6d., 6s. 9d.
SALE PRICES 2s. 11d., 3s. 6d., 3s. 11d., 4s. 9d., 5s. 6d.
CAMBRIC CHEMISES, Trimmed Val. and Torchon Lace.
Usual Prices 4s. 11d., 5s. 6d., 6s. 3d., 7s. 3d., 11s. 9d.
SALE PRICES 3s. 6d., 4s. 3d., 4s. 11d., 5s. 6d., 9s. 6d.
FRENCH HAND-EMBROIDERED CHEMISES.
Usual Prices 8s. 11d., 10s. 6d., 12s. 6d., 14s. 6d.
SALE PRICES 6s. 9d., 8s. 6d., 9s. 6d., 11s. 6d.
LONGCLOTH AND CALICO COMBINATIONS, Trimmed Embroidery and Insertion.
Usual Prices 5s. 6d., 6s. 6d., 6s. 6d., 7s. 11d., 9s. 6d.
SALE PRICES 4s. 3d., 4s. 11d., 5s. 6d., 6s. 6d., 7s. 6d.
LONGCLOTH AND CALICO COMBINATIONS, Trimmed Embroidery, and Insertion.
Usual Prices 4s. 6d., 5s. 11d., 6s. 9d., 7s. 11d., 8s. 6d.
SALE PRICES 3s. 6d., 4s. 6d., 4s. 11d., 6s., 7s. 3d.
LONGCLOTH AND CALICO KNICKERS, Trimmed Embroidery and Insertion.
Usual Prices 2s. 6d., 2s. 9d., 3s. 6d., 4s. 3d., 4s. 9d.
SALE PRICES 2s. 6d., 2s. 3d., 2s. 11d., 3s. 6d., 3s. 11d.
GOLF-SHAPE KNICKERS, Trimmed Embroidery and Insertion.
Usual Prices 2s. 6d., 2s. 11d., 3s. 9d., 4s. 11d., 5s. 6d.
SALE PRICES 2s. 3d., 2s. 6d., 2s. 11d., 3s. 11d., 4s. 6d.
FRENCH HAND-EMBROIDERED KNICKERS.
Usual Prices 8s. 6d., 10s. 6d., 12s. 6d.
SALE PRICES 6s. 9d., 8s. 6d., 9s. 11d.
CAMBRIC CAMISOLES, with and without Full Sleeves, Trimmed Val. and Torchon Lace.
Usual Prices 2s. 6d., 3s. 11d., 4s. 9d., 5s. 6d., 6s. 9d.
SALE PRICES 2s. 11d., 3s. 6d., 3s. 10d., 4s. 3d., 4s. 9d., 5s. 9d.
FRENCH HAND-EMBROIDERED CAMISOLES, with and without Puff Sleeves.
Usual Prices 7s. 6d., 8s. 6d., 10s. 6d., 12s. 6d.
SALE PRICES 5s. 6d., 6s. 11d., 8s. 6d., 10s. 6d.
UNDER-PRICED UNDERSKIRTS.
MOIRETTE UNDERSKIRTS, in Brown, Pink, Green, Heliotrope, Mole, Navy, and Black.
Usual Prices 6s. 11d. and 7s. 11d. each.
CLEARING PRICE 4s. 11d. each.
A VERY SPECIAL LINE OF MOIRETTE UNDERSKIRTS, in Fancy Stripes and Plaids.
Usual Price 9s. 11d. each.
CLEARING PRICE 4s. 11d. each.
SILK MOIRETTE UNDERSKIRTS, in the new shapes.
Usual Prices 10s. 11d., 11s. 6d., 12s. 11d., 14s. 6d., to 33s. 6d. each.
SALE PRICES 8s. 6d., 9s. 6d., 11s., 12s. 6d. to 26s. 6d.
WOVEN UNDERCLOTHING.
WOVEN MERINO COMBINATIONS, in Long and Short Sleeves.
Usual Prices 3s. 9d., 4s. 11d., 5s. 6d., 6s. 11d., 8s. 6d.
SALE PRICES 3s. 3d., 4s., 4s. 9d., 5s. 6d., 6s. 6d.
WOVEN MERINO VESTS.
Usual Prices 2s. 6d. 3s. 6d., 4s. 6d., 5s. 6d.
SALE PRICES 2s. 3d., 3s. 6d., 4s. 3d.
WOVEN NIGHTDRESSES, White and Natural.
Usual Prices 9s. 6d., 10s. 6d., 12s. 11d., 13s. 9d. 6d.
SALE PRICES 8s. 6d., 9s. 11d., 11s., 12s. 6d.
Children's Clothing.
AT BARGAIN PRICES.
CHILDREN'S WOOLLEN VESTS, small sizes.
Usual Prices 1s., 1s. 2d., 1s. 4d., 1s. 6d. each.
SALE PRICE 9d. and 1s. each.
CHILDREN'S JAP. SILK FROCKS, Trimmed Hemstitched Frills and Val. Lace.
Usual Price 12s. 6d.
SALE PRICES 9s. 11d., 8s. 6d., 15s. 11d. to 10s. 6d.
GIRLS' CLOTH COSTUMES, Trimmed Black Braid, in Green and Brown.
Usual Prices 30s. 6d., 45s. 6d. to 55s. 6d.
SALE PRICES 24s. 6d., 35s. 6d., 45s. 6d. to 27s. 6d.
GIRLS' TWEED COSTUMES, in all sizes.
Usual Prices 20s., 28s. 11d., 29s. 6d., 35s. 6d.
SALE PRICES 13s. 11d., 16s. 11d., 15s. 11d., 21s. 11d.
GIRLS' NORFOLK COSTUMES, in Brown and Navy Tweed.
Usual Prices 15s. 6d., 16s. 6d.
SALE PRICES 10s. 9d., 12s. 6d., 13s. 6d.
CHILDREN'S EMBROIDERED FROCKS, in all sizes, manufacturer's samples.
SALE PRICE, from 5s. 11d.
Clearance of Corsets.
The General Discount in this Department is 10 per cent., or 2s. in the £; that is the least saving you can make. But there are many lines that must be cleared, and these carry a much larger discount, as the following will show:—
"LA MIGUNONNE" CORSET, in White and Sky Blue figured Broche, fitted with whalebone, extended hips, suspenders, suitable for medium figures. Sizes, 22, 23, 24, and 25 only.
Regular Price 23s. 6d. CLEARING PRICE, 12s. 6d.
"LA VIDA" CORSET, in Black Sateen, beautifully boned with whalebone; suitable for medium figures. Sizes, 20, 21, 22 inches.
Regular Price, 18s. 6d. CLEARING AT 5s.
"LA VIDA" CORSET, a perfect-fitting model, in White Coutille, beautifully boned; suitable for slender figures. Sizes, 19 to 24 inches.
Regular Price, 21s. 6d. CLEARING AT 11s. 6d.
WARNER'S RUST-PROOF CORSET, a dainty model in White Silk Broche, suitable for slight and medium figures. Extended hips, suspenders attached. Sizes, 20 to 26 inches.
Regular Price 22s. 6d. CLEARING AT 7s. 6d.
WARNER'S RUST-PROOF CORSET, a strong, serviceable Corset in Grey and White Coutille, suitable for medium and stout figures. Sizes, 20 to 32 inches.
Regular Price 12s. 6d. CLEARING AT 6s. 6d.
WARNER'S RUST-PROOF CORSET, in Grey Coutille, suitable for slender figures. Sizes, 19 inches only.
Regular Price, 7s. 6d. CLEARING AT 3s. 6d.
MODICITE BELTED CORSET, a most comfortable-fitting model for stout figures, in Grey and White Coutille. Sizes, 19 to 32 inches.
Regular Price 26s. 6d. SALE PRICE, 13s. 6d.
OUR OWN SPECIALITE, in Grey Coutille, a most comfortable-fitting model, suitable for slight and medium figures; boned with the best Greenland whalebone. Sizes, 19 to 26 inches.
Regular Price 25s. 6d. CLEARING AT 13s. 6d.
W.B. NUFORM CORSET, a perfect-fitting model, in White Striped Coutille; a special feature of this model is the extreme short length. Sizes, 20 to 26 inches.
Regular Price 14s. 6d. SALE PRICE 10s.
W.B. REDUSO CORSET, in White Batiste and Grey Coutille, designed specially for stout figures, being cut long above waist-line, and coming well down over hips and back.
Regular Price 19s. 6d. SALE PRICE 16s.
"REDFERN CORSET," a graceful model in White Batiste, fitted with whalebone; suitable for slight or medium figures.
Regular Price 23s. 6d. SALE PRICE 20s.
WARNER'S RUST-PROOF CORSET, a Directoire model in White Batiste. A perfect-fitting model designed for the average tall figure.
Regular Price 21s. SALE PRICE 17s. 11d.
P.D. CORSET, a semi-fitting Corset, in Grey and White Coutille, for slight and medium figures.
Regular Prices 7s. 6d., 8s. 6d.
SALE PRICES 5s. 6d., 6s. 6d.
All Sample and Soiled Corsets in odd sizes Clearing at Half-price.
